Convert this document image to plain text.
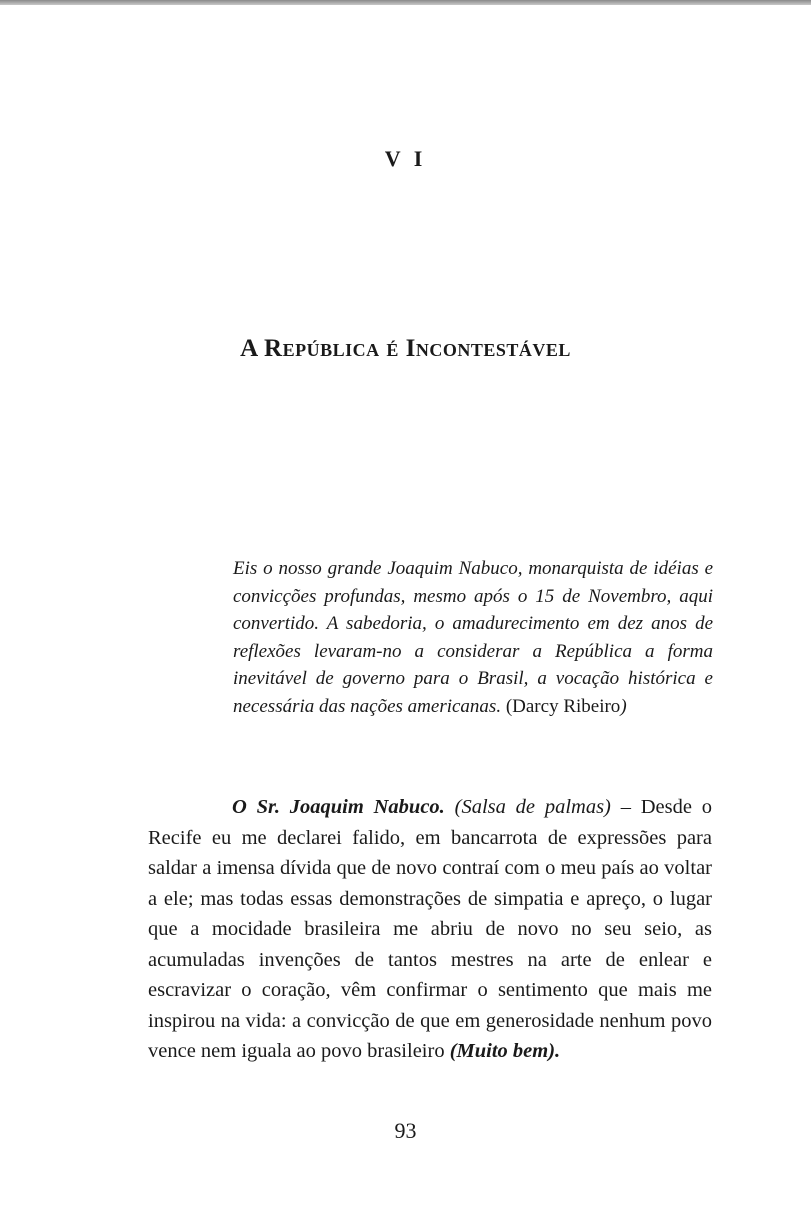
V I
A República é Incontestável
Eis o nosso grande Joaquim Nabuco, monarquista de idéias e convicções profundas, mesmo após o 15 de Novembro, aqui convertido. A sabedoria, o amadurecimento em dez anos de reflexões levaram-no a considerar a República a forma inevitável de governo para o Brasil, a vocação histórica e necessária das nações americanas. (Darcy Ribeiro)

O Sr. Joaquim Nabuco. (Salsa de palmas) – Desde o Recife eu me declarei falido, em bancarrota de expressões para saldar a imensa dívida que de novo contraí com o meu país ao voltar a ele; mas todas essas demonstrações de simpatia e apreço, o lugar que a mocidade brasileira me abriu de novo no seu seio, as acumuladas invenções de tantos mestres na arte de enlear e escravizar o coração, vêm confirmar o sentimento que mais me inspirou na vida: a convicção de que em generosidade nenhum povo vence nem iguala ao povo brasileiro (Muito bem).

93
